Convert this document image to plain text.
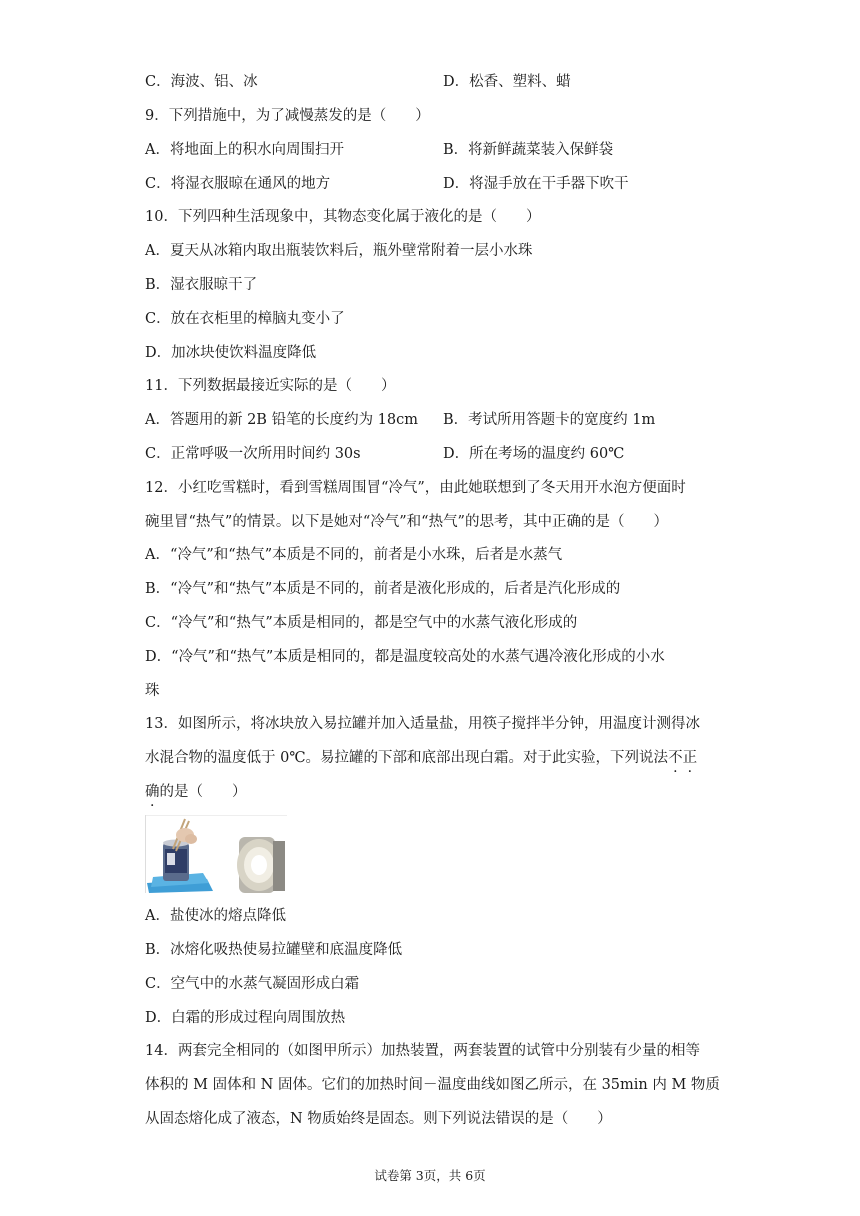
C．海波、铝、冰	D．松香、塑料、蜡
9．下列措施中，为了减慢蒸发的是（　　）
A．将地面上的积水向周围扫开	B．将新鲜蔬菜装入保鲜袋
C．将湿衣服晾在通风的地方	D．将湿手放在干手器下吹干
10．下列四种生活现象中，其物态变化属于液化的是（　　）
A．夏天从冰箱内取出瓶装饮料后，瓶外壁常附着一层小水珠
B．湿衣服晾干了
C．放在衣柜里的樟脑丸变小了
D．加冰块使饮料温度降低
11．下列数据最接近实际的是（　　）
A．答题用的新 2B 铅笔的长度约为 18cm B．考试所用答题卡的宽度约 1m
C．正常呼吸一次所用时间约 30s	D．所在考场的温度约 60℃
12．小红吃雪糕时，看到雪糕周围冒“冷气”，由此她联想到了冬天用开水泡方便面时
碗里冒“热气”的情景。以下是她对“冷气”和“热气”的思考，其中正确的是（　　）
A．“冷气”和“热气”本质是不同的，前者是小水珠，后者是水蒸气
B．“冷气”和“热气”本质是不同的，前者是液化形成的，后者是汽化形成的
C．“冷气”和“热气”本质是相同的，都是空气中的水蒸气液化形成的
D．“冷气”和“热气”本质是相同的，都是温度较高处的水蒸气遇冷液化形成的小水
珠
13．如图所示，将冰块放入易拉罐并加入适量盐，用筷子搅拌半分钟，用温度计测得冰
水混合物的温度低于 0℃。易拉罐的下部和底部出现白霜。对于此实验，下列说法不正
确的是（　　）
A．盐使冰的熔点降低
B．冰熔化吸热使易拉罐壁和底温度降低
C．空气中的水蒸气凝固形成白霜
D．白霜的形成过程向周围放热
14．两套完全相同的（如图甲所示）加热装置，两套装置的试管中分别装有少量的相等
体积的 M 固体和 N 固体。它们的加热时间－温度曲线如图乙所示，在 35min 内 M 物质
从固态熔化成了液态，N 物质始终是固态。则下列说法错误的是（　　）
试卷第 3页，共 6页
